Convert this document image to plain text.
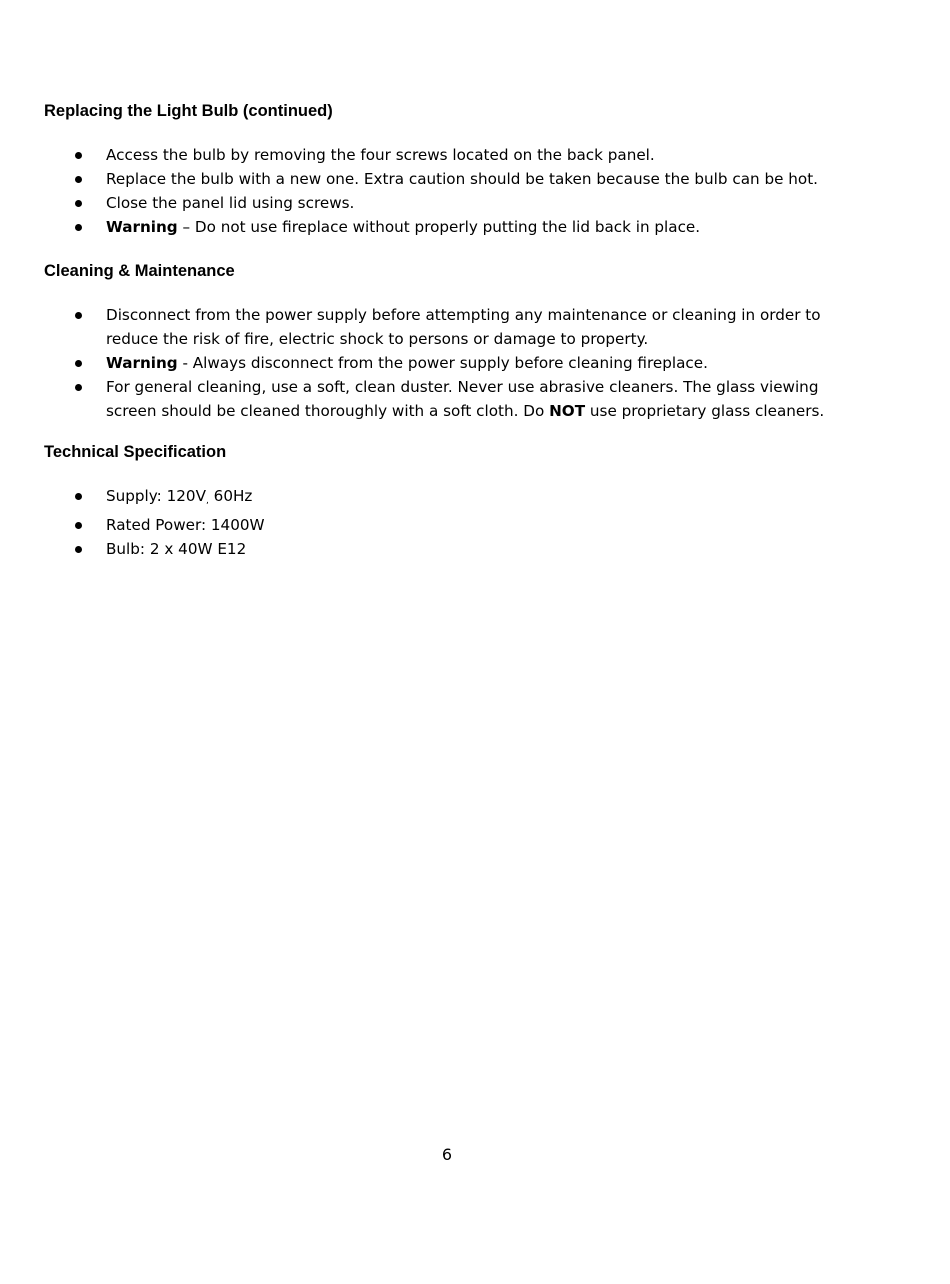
Replacing the Light Bulb (continued)
Access the bulb by removing the four screws located on the back panel.
Replace the bulb with a new one. Extra caution should be taken because the bulb can be hot.
Close the panel lid using screws.
Warning – Do not use fireplace without properly putting the lid back in place.
Cleaning & Maintenance
Disconnect from the power supply before attempting any maintenance or cleaning in order to
reduce the risk of fire, electric shock to persons or damage to property.
Warning - Always disconnect from the power supply before cleaning fireplace.
For general cleaning, use a soft, clean duster. Never use abrasive cleaners. The glass viewing
screen should be cleaned thoroughly with a soft cloth. Do NOT use proprietary glass cleaners.
Technical Specification
Supply: 120V, 60Hz
Rated Power: 1400W
Bulb: 2 x 40W E12
6
